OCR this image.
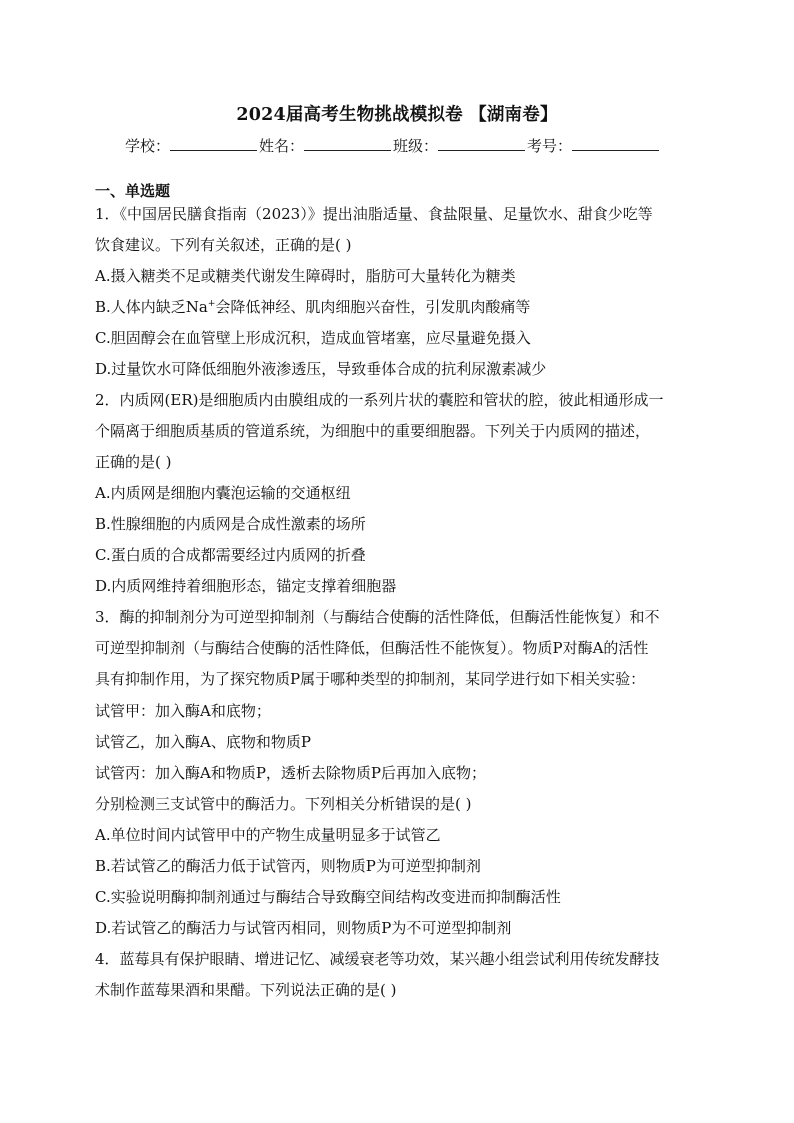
2024届高考生物挑战模拟卷 【湖南卷】
学校：	姓名：	班级：	考号：
一、单选题
1．《中国居民膳食指南（2023）》提出油脂适量、食盐限量、足量饮水、甜食少吃等
饮食建议。下列有关叙述，正确的是( )
A.摄入糖类不足或糖类代谢发生障碍时，脂肪可大量转化为糖类
B.人体内缺乏Na+会降低神经、肌肉细胞兴奋性，引发肌肉酸痛等
C.胆固醇会在血管壁上形成沉积，造成血管堵塞，应尽量避免摄入
D.过量饮水可降低细胞外液渗透压，导致垂体合成的抗利尿激素减少
2．内质网(ER)是细胞质内由膜组成的一系列片状的囊腔和管状的腔，彼此相通形成一
个隔离于细胞质基质的管道系统，为细胞中的重要细胞器。下列关于内质网的描述，
正确的是( )
A.内质网是细胞内囊泡运输的交通枢纽
B.性腺细胞的内质网是合成性激素的场所
C.蛋白质的合成都需要经过内质网的折叠
D.内质网维持着细胞形态，锚定支撑着细胞器
3．酶的抑制剂分为可逆型抑制剂（与酶结合使酶的活性降低，但酶活性能恢复）和不
可逆型抑制剂（与酶结合使酶的活性降低，但酶活性不能恢复）。物质P对酶A的活性
具有抑制作用，为了探究物质P属于哪种类型的抑制剂，某同学进行如下相关实验：
试管甲：加入酶A和底物；
试管乙，加入酶A、底物和物质P
试管丙：加入酶A和物质P，透析去除物质P后再加入底物；
分别检测三支试管中的酶活力。下列相关分析错误的是( )
A.单位时间内试管甲中的产物生成量明显多于试管乙
B.若试管乙的酶活力低于试管丙，则物质P为可逆型抑制剂
C.实验说明酶抑制剂通过与酶结合导致酶空间结构改变进而抑制酶活性
D.若试管乙的酶活力与试管丙相同，则物质P为不可逆型抑制剂
4．蓝莓具有保护眼睛、增进记忆、减缓衰老等功效，某兴趣小组尝试利用传统发酵技
术制作蓝莓果酒和果醋。下列说法正确的是( )
